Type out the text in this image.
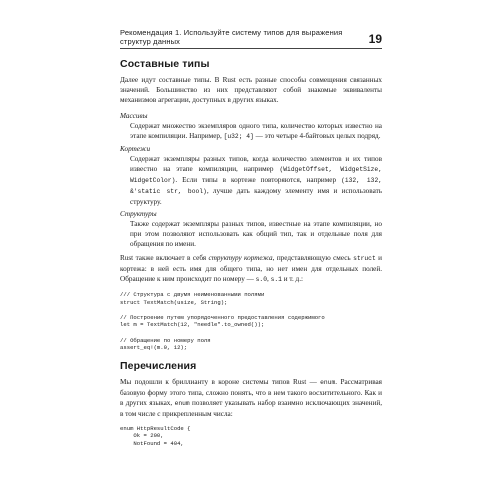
Рекомендация 1. Используйте систему типов для выражения структур данных	19
Составные типы

Далее идут составные типы. В Rust есть разные способы совмещения связанных значений. Большинство из них представляют собой знакомые эквиваленты механизмов агрегации, доступных в других языках.

Массивы

Содержат множество экземпляров одного типа, количество которых известно на этапе компиляции. Например, [u32; 4] — это четыре 4-байтовых целых подряд.

Кортежи

Содержат экземпляры разных типов, когда количество элементов и их типов известно на этапе компиляции, например (WidgetOffset, WidgetSize, WidgetColor). Если типы в кортеже повторяются, например (i32, i32, &'static str, bool), лучше дать каждому элементу имя и использовать структуру.

Структуры

Также содержат экземпляры разных типов, известные на этапе компиляции, но при этом позволяют использовать как общий тип, так и отдельные поля для обращения по имени.

Rust также включает в себя структуру кортежа, представляющую смесь struct и кортежа: в ней есть имя для общего типа, но нет имен для отдельных полей. Обращение к ним происходит по номеру — s.0, s.1 и т. д.:

/// Структура с двумя неименованными полями
struct TextMatch(usize, String);

// Построение путем упорядоченного предоставления содержимого
let m = TextMatch(12, "needle".to_owned());

// Обращение по номеру поля
assert_eq!(m.0, 12);
Перечисления

Мы подошли к бриллианту в короне системы типов Rust — enum. Рассматривая базовую форму этого типа, сложно понять, что в нем такого восхитительного. Как и в других языках, enum позволяет указывать набор взаимно исключающих значений, в том числе с прикрепленным числа:

enum HttpResultCode {
Ok = 200,
NotFound = 404,
